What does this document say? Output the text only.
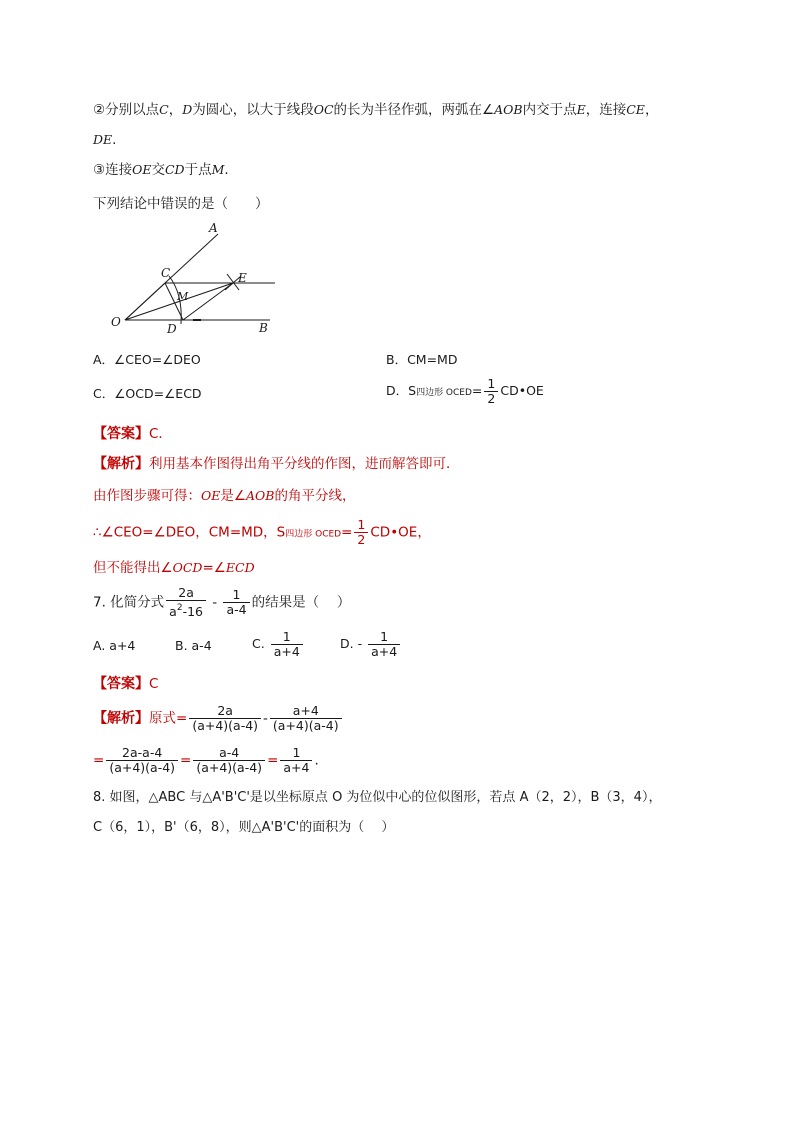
②分别以点C，D为圆心，以大于线段OC的长为半径作弧，两弧在∠AOB内交于点E，连接CE，
DE.
③连接OE交CD于点M.
下列结论中错误的是（　　）
A
C	E
M
O	D	B
A．∠CEO=∠DEO	B．CM=MD
C．∠OCD=∠ECD	D．S四边形 OCED= $\frac{1}{2}$ CD•OE
【答案】C．
【解析】利用基本作图得出角平分线的作图，进而解答即可．
由作图步骤可得：OE是∠AOB的角平分线，
∴∠CEO=∠DEO，CM=MD，S四边形 OCED= $\frac{1}{2}$ CD•OE，
但不能得出∠OCD=∠ECD
7. 化简分式 $\frac{2a}{a^2-16} - \frac{1}{a-4}$ 的结果是（　 ）
A. a+4	B. a-4	C. $\frac{1}{a+4}$	D. - $\frac{1}{a+4}$
【答案】C
【解析】原式= $\frac{2a}{(a+4)(a-4)} - \frac{a+4}{(a+4)(a-4)}$
= $\frac{2a-a-4}{(a+4)(a-4)} = \frac{a-4}{(a+4)(a-4)} = \frac{1}{a+4}$ .
8. 如图，△ABC 与△A'B'C'是以坐标原点 O 为位似中心的位似图形，若点 A（2，2），B（3，4），
C（6，1），B'（6，8），则△A'B'C'的面积为（　 ）
